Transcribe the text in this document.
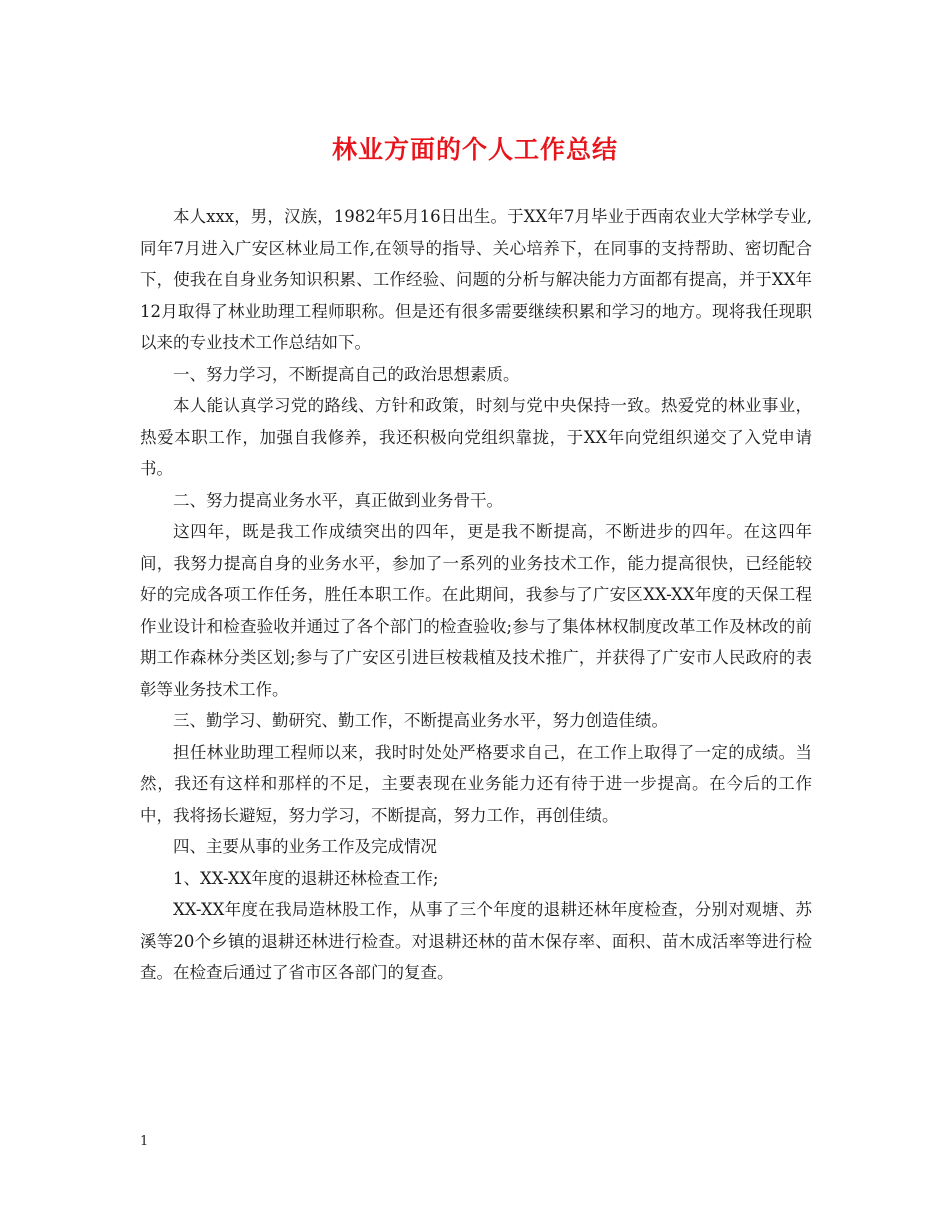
林业方面的个人工作总结

本人xxx，男，汉族，1982年5月16日出生。于XX年7月毕业于西南农业大学林学专业,同年7月进入广安区林业局工作,在领导的指导、关心培养下，在同事的支持帮助、密切配合下，使我在自身业务知识积累、工作经验、问题的分析与解决能力方面都有提高，并于XX年12月取得了林业助理工程师职称。但是还有很多需要继续积累和学习的地方。现将我任现职以来的专业技术工作总结如下。

一、努力学习，不断提高自己的政治思想素质。

本人能认真学习党的路线、方针和政策，时刻与党中央保持一致。热爱党的林业事业，热爱本职工作，加强自我修养，我还积极向党组织靠拢，于XX年向党组织递交了入党申请书。

二、努力提高业务水平，真正做到业务骨干。

这四年，既是我工作成绩突出的四年，更是我不断提高，不断进步的四年。在这四年间，我努力提高自身的业务水平，参加了一系列的业务技术工作，能力提高很快，已经能较好的完成各项工作任务，胜任本职工作。在此期间，我参与了广安区XX-XX年度的天保工程作业设计和检查验收并通过了各个部门的检查验收;参与了集体林权制度改革工作及林改的前期工作森林分类区划;参与了广安区引进巨桉栽植及技术推广，并获得了广安市人民政府的表彰等业务技术工作。

三、勤学习、勤研究、勤工作，不断提高业务水平，努力创造佳绩。

担任林业助理工程师以来，我时时处处严格要求自己，在工作上取得了一定的成绩。当然，我还有这样和那样的不足，主要表现在业务能力还有待于进一步提高。在今后的工作中，我将扬长避短，努力学习，不断提高，努力工作，再创佳绩。

四、主要从事的业务工作及完成情况

1、XX-XX年度的退耕还林检查工作;

XX-XX年度在我局造林股工作，从事了三个年度的退耕还林年度检查，分别对观塘、苏溪等20个乡镇的退耕还林进行检查。对退耕还林的苗木保存率、面积、苗木成活率等进行检查。在检查后通过了省市区各部门的复查。

1
